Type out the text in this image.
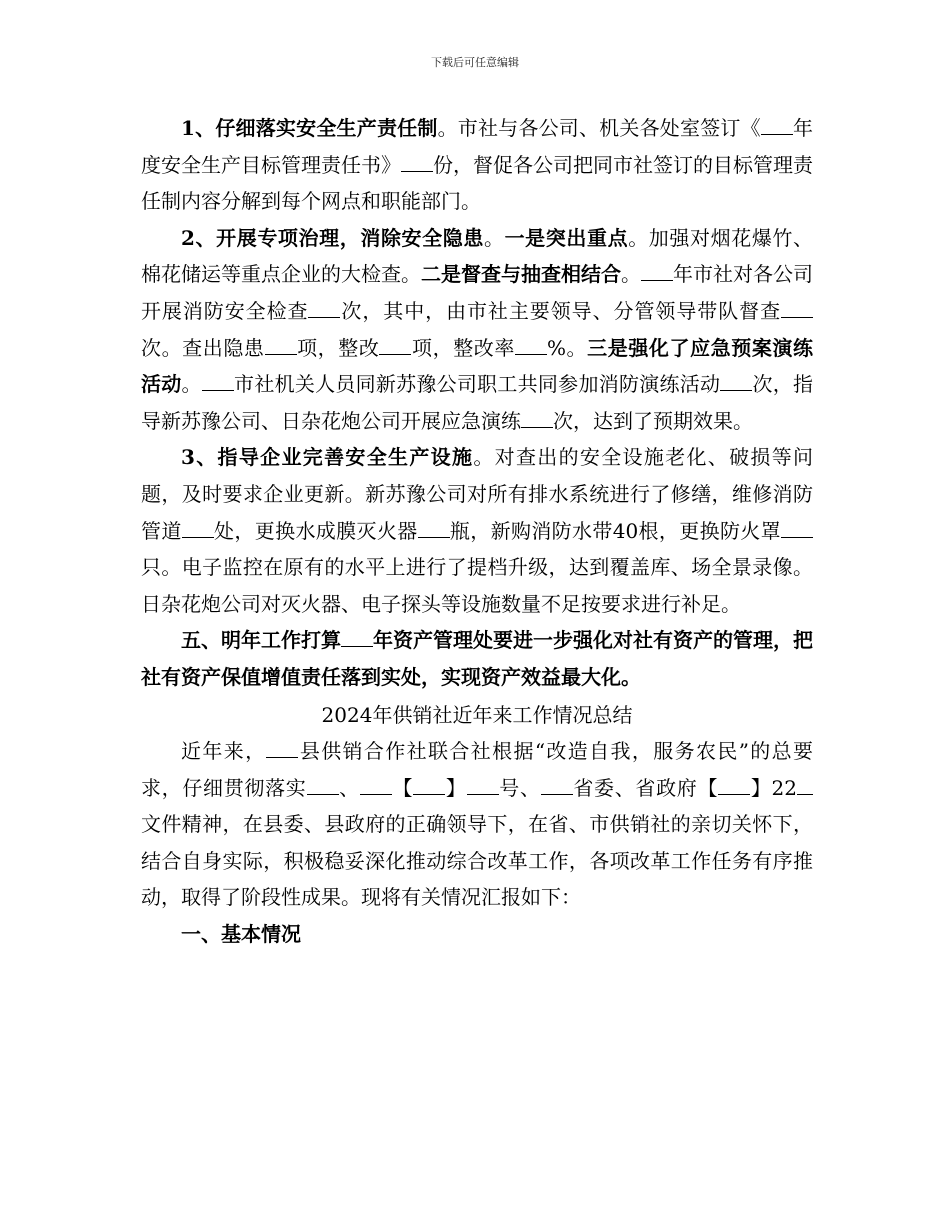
下载后可任意编辑

1、仔细落实安全生产责任制。市社与各公司、机关各处室签订《 年度安全生产目标管理责任书》 份，督促各公司把同市社签订的目标管理责任制内容分解到每个网点和职能部门。

2、开展专项治理，消除安全隐患。一是突出重点。加强对烟花爆竹、棉花储运等重点企业的大检查。二是督查与抽查相结合。 年市社对各公司开展消防安全检查 次，其中，由市社主要领导、分管领导带队督查次。查出隐患 项，整改 项，整改率 %。三是强化了应急预案演练活动。 市社机关人员同新苏豫公司职工共同参加消防演练活动 次，指导新苏豫公司、日杂花炮公司开展应急演练 次，达到了预期效果。

3、指导企业完善安全生产设施。对查出的安全设施老化、破损等问题，及时要求企业更新。新苏豫公司对所有排水系统进行了修缮，维修消防管道 处，更换水成膜灭火器 瓶，新购消防水带40根，更换防火罩只。电子监控在原有的水平上进行了提档升级，达到覆盖库、场全景录像。日杂花炮公司对灭火器、电子探头等设施数量不足按要求进行补足。

五、明年工作打算 年资产管理处要进一步强化对社有资产的管理，把社有资产保值增值责任落到实处，实现资产效益最大化。

2024年供销社近年来工作情况总结

近年来， 县供销合作社联合社根据“改造自我，服务农民”的总要求，仔细贯彻落实 、 【 】 号、 省委、省政府【 】22文件精神，在县委、县政府的正确领导下，在省、市供销社的亲切关怀下，结合自身实际，积极稳妥深化推动综合改革工作，各项改革工作任务有序推动，取得了阶段性成果。现将有关情况汇报如下：

一、基本情况
